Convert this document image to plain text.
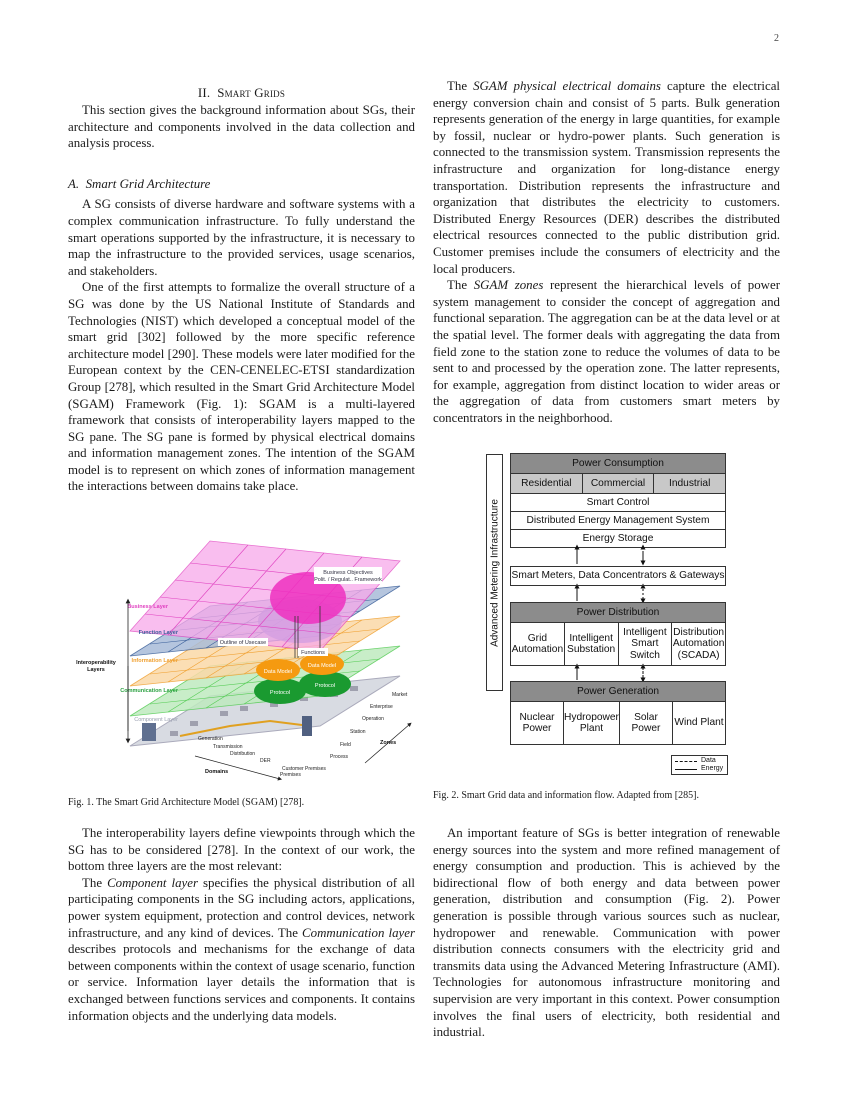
2
II. Smart Grids

This section gives the background information about SGs, their architecture and components involved in the data collection and analysis process.

A. Smart Grid Architecture

A SG consists of diverse hardware and software systems with a complex communication infrastructure. To fully understand the smart operations supported by the infrastructure, it is necessary to map the infrastructure to the provided services, usage scenarios, and stakeholders.

One of the first attempts to formalize the overall structure of a SG was done by the US National Institute of Standards and Technologies (NIST) which developed a conceptual model of the smart grid [302] followed by the more specific reference architecture model [290]. These models were later modified for the European context by the CEN-CENELEC-ETSI standardization Group [278], which resulted in the Smart Grid Architecture Model (SGAM) Framework (Fig. 1): SGAM is a multi-layered framework that consists of interoperability layers mapped to the SG pane. The SG pane is formed by physical electrical domains and information management zones. The intention of the SGAM model is to represent on which zones of information management the interactions between domains take place.

Protocol
Protocol
Data Model
Data Model
Business Objectives
Polit. / Regulat.. Framework
Outline of Usecase
Functions
Business Layer
Function Layer
Information Layer
Communication Layer
Component Layer
Interoperability
Layers
Generation
Transmission
Distribution
DER
Customer Premises
Premises
Domains
Process
Field
Station
Operation
Enterprise
Market
Zones
Fig. 1. The Smart Grid Architecture Model (SGAM) [278].

The interoperability layers define viewpoints through which the SG has to be considered [278]. In the context of our work, the bottom three layers are the most relevant:

The Component layer specifies the physical distribution of all participating components in the SG including actors, applications, power system equipment, protection and control devices, network infrastructure, and any kind of devices. The Communication layer describes protocols and mechanisms for the exchange of data between components within the context of usage scenario, function or service. Information layer details the information that is exchanged between functions services and components. It contains information objects and the underlying data models.

The SGAM physical electrical domains capture the electrical energy conversion chain and consist of 5 parts. Bulk generation represents generation of the energy in large quantities, for example by fossil, nuclear or hydro-power plants. Such generation is connected to the transmission system. Transmission represents the infrastructure and organization for long-distance energy transportation. Distribution represents the infrastructure and organization that distributes the electricity to customers. Distributed Energy Resources (DER) describes the distributed electrical resources connected to the public distribution grid. Customer premises include the consumers of electricity and the local producers.

The SGAM zones represent the hierarchical levels of power system management to consider the concept of aggregation and functional separation. The aggregation can be at the data level or at the spatial level. The former deals with aggregating the data from field zone to the station zone to reduce the volumes of data to be sent to and processed by the operation zone. The latter represents, for example, aggregation from distinct location to wider areas or the aggregation of data from customers smart meters by concentrators in the neighborhood.

Advanced Metering Infrastructure
Power Consumption
Residential	Commercial	Industrial
Smart Control
Distributed Energy Management System
Energy Storage
Smart Meters, Data Concentrators & Gateways
Power Distribution
Grid Automation
Intelligent Substation
Intelligent Smart Switch
Distribution Automation (SCADA)
Power Generation
Nuclear Power
Hydropower Plant
Solar Power
Wind Plant
Data
Energy
Fig. 2. Smart Grid data and information flow. Adapted from [285].

An important feature of SGs is better integration of renewable energy sources into the system and more refined management of energy consumption and production. This is achieved by the bidirectional flow of both energy and data between power generation, distribution and consumption (Fig. 2). Power generation is possible through various sources such as nuclear, hydropower and renewable. Communication with power distribution connects consumers with the electricity grid and transmits data using the Advanced Metering Infrastructure (AMI). Technologies for autonomous infrastructure monitoring and supervision are very important in this context. Power consumption involves the final users of electricity, both residential and industrial.
